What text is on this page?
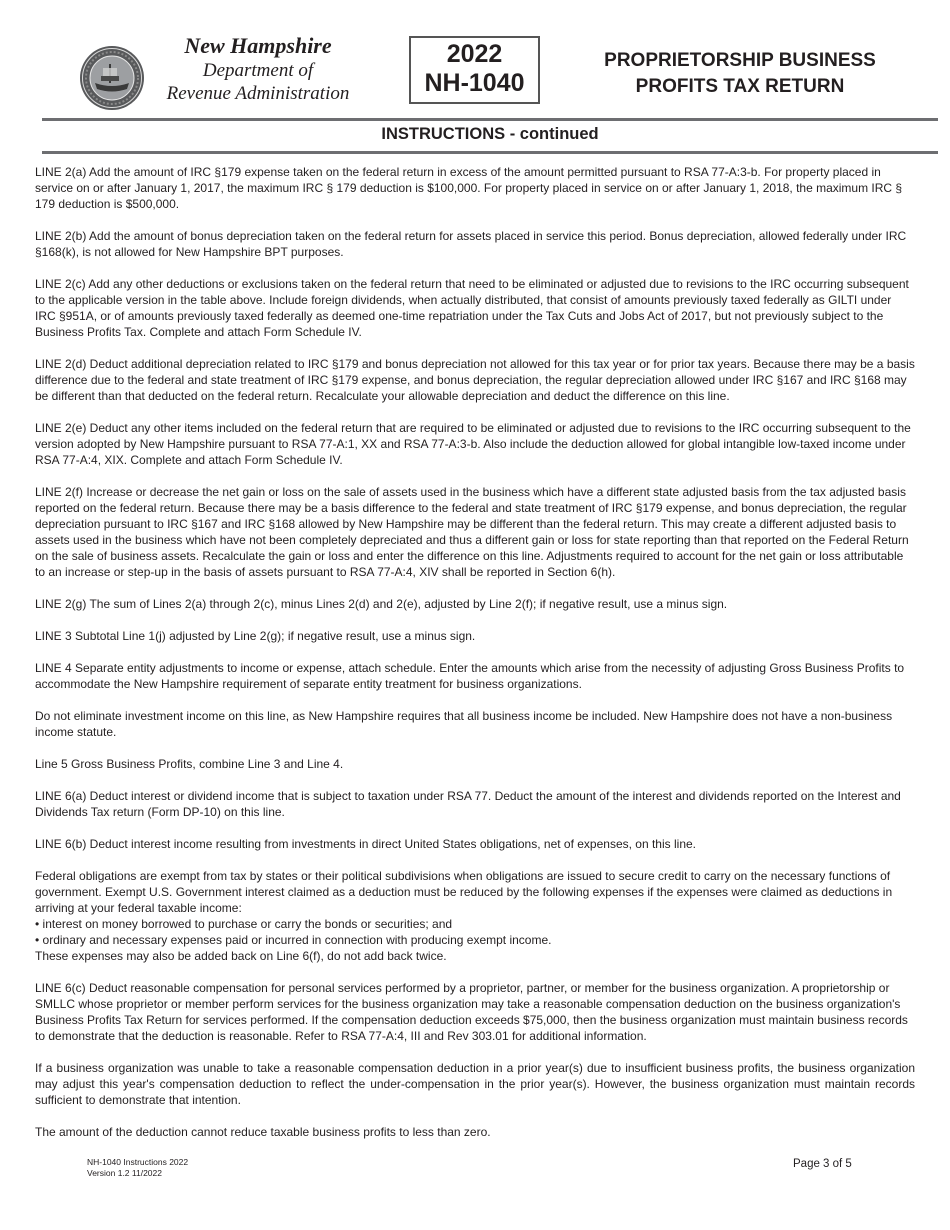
New Hampshire
Department of
Revenue Administration
2022
NH-1040
PROPRIETORSHIP BUSINESS
PROFITS TAX RETURN
INSTRUCTIONS - continued

LINE 2(a) Add the amount of IRC §179 expense taken on the federal return in excess of the amount permitted pursuant to RSA 77-A:3-b. For property placed in service on or after January 1, 2017, the maximum IRC § 179 deduction is $100,000. For property placed in service on or after January 1, 2018, the maximum IRC § 179 deduction is $500,000.

LINE 2(b) Add the amount of bonus depreciation taken on the federal return for assets placed in service this period. Bonus depreciation, allowed federally under IRC §168(k), is not allowed for New Hampshire BPT purposes.

LINE 2(c) Add any other deductions or exclusions taken on the federal return that need to be eliminated or adjusted due to revisions to the IRC occurring subsequent to the applicable version in the table above. Include foreign dividends, when actually distributed, that consist of amounts previously taxed federally as GILTI under IRC §951A, or of amounts previously taxed federally as deemed one-time repatriation under the Tax Cuts and Jobs Act of 2017, but not previously subject to the Business Profits Tax. Complete and attach Form Schedule IV.

LINE 2(d) Deduct additional depreciation related to IRC §179 and bonus depreciation not allowed for this tax year or for prior tax years. Because there may be a basis difference due to the federal and state treatment of IRC §179 expense, and bonus depreciation, the regular depreciation allowed under IRC §167 and IRC §168 may be different than that deducted on the federal return. Recalculate your allowable depreciation and deduct the difference on this line.

LINE 2(e) Deduct any other items included on the federal return that are required to be eliminated or adjusted due to revisions to the IRC occurring subsequent to the version adopted by New Hampshire pursuant to RSA 77-A:1, XX and RSA 77-A:3-b. Also include the deduction allowed for global intangible low-taxed income under RSA 77-A:4, XIX. Complete and attach Form Schedule IV.

LINE 2(f) Increase or decrease the net gain or loss on the sale of assets used in the business which have a different state adjusted basis from the tax adjusted basis reported on the federal return. Because there may be a basis difference to the federal and state treatment of IRC §179 expense, and bonus depreciation, the regular depreciation pursuant to IRC §167 and IRC §168 allowed by New Hampshire may be different than the federal return. This may create a different adjusted basis to assets used in the business which have not been completely depreciated and thus a different gain or loss for state reporting than that reported on the Federal Return on the sale of business assets. Recalculate the gain or loss and enter the difference on this line. Adjustments required to account for the net gain or loss attributable to an increase or step-up in the basis of assets pursuant to RSA 77-A:4, XIV shall be reported in Section 6(h).

LINE 2(g) The sum of Lines 2(a) through 2(c), minus Lines 2(d) and 2(e), adjusted by Line 2(f); if negative result, use a minus sign.

LINE 3 Subtotal Line 1(j) adjusted by Line 2(g); if negative result, use a minus sign.

LINE 4 Separate entity adjustments to income or expense, attach schedule. Enter the amounts which arise from the necessity of adjusting Gross Business Profits to accommodate the New Hampshire requirement of separate entity treatment for business organizations.

Do not eliminate investment income on this line, as New Hampshire requires that all business income be included. New Hampshire does not have a non-business income statute.

Line 5 Gross Business Profits, combine Line 3 and Line 4.

LINE 6(a) Deduct interest or dividend income that is subject to taxation under RSA 77. Deduct the amount of the interest and dividends reported on the Interest and Dividends Tax return (Form DP-10) on this line.

LINE 6(b) Deduct interest income resulting from investments in direct United States obligations, net of expenses, on this line.

Federal obligations are exempt from tax by states or their political subdivisions when obligations are issued to secure credit to carry on the necessary functions of government. Exempt U.S. Government interest claimed as a deduction must be reduced by the following expenses if the expenses were claimed as deductions in arriving at your federal taxable income:

• interest on money borrowed to purchase or carry the bonds or securities; and

• ordinary and necessary expenses paid or incurred in connection with producing exempt income.

These expenses may also be added back on Line 6(f), do not add back twice.

LINE 6(c) Deduct reasonable compensation for personal services performed by a proprietor, partner, or member for the business organization. A proprietorship or SMLLC whose proprietor or member perform services for the business organization may take a reasonable compensation deduction on the business organization's Business Profits Tax Return for services performed. If the compensation deduction exceeds $75,000, then the business organization must maintain business records to demonstrate that the deduction is reasonable. Refer to RSA 77-A:4, III and Rev 303.01 for additional information.

If a business organization was unable to take a reasonable compensation deduction in a prior year(s) due to insufficient business profits, the business organization may adjust this year's compensation deduction to reflect the under-compensation in the prior year(s). However, the business organization must maintain records sufficient to demonstrate that intention.

The amount of the deduction cannot reduce taxable business profits to less than zero.

NH-1040 Instructions 2022
Version 1.2 11/2022
Page 3 of 5
